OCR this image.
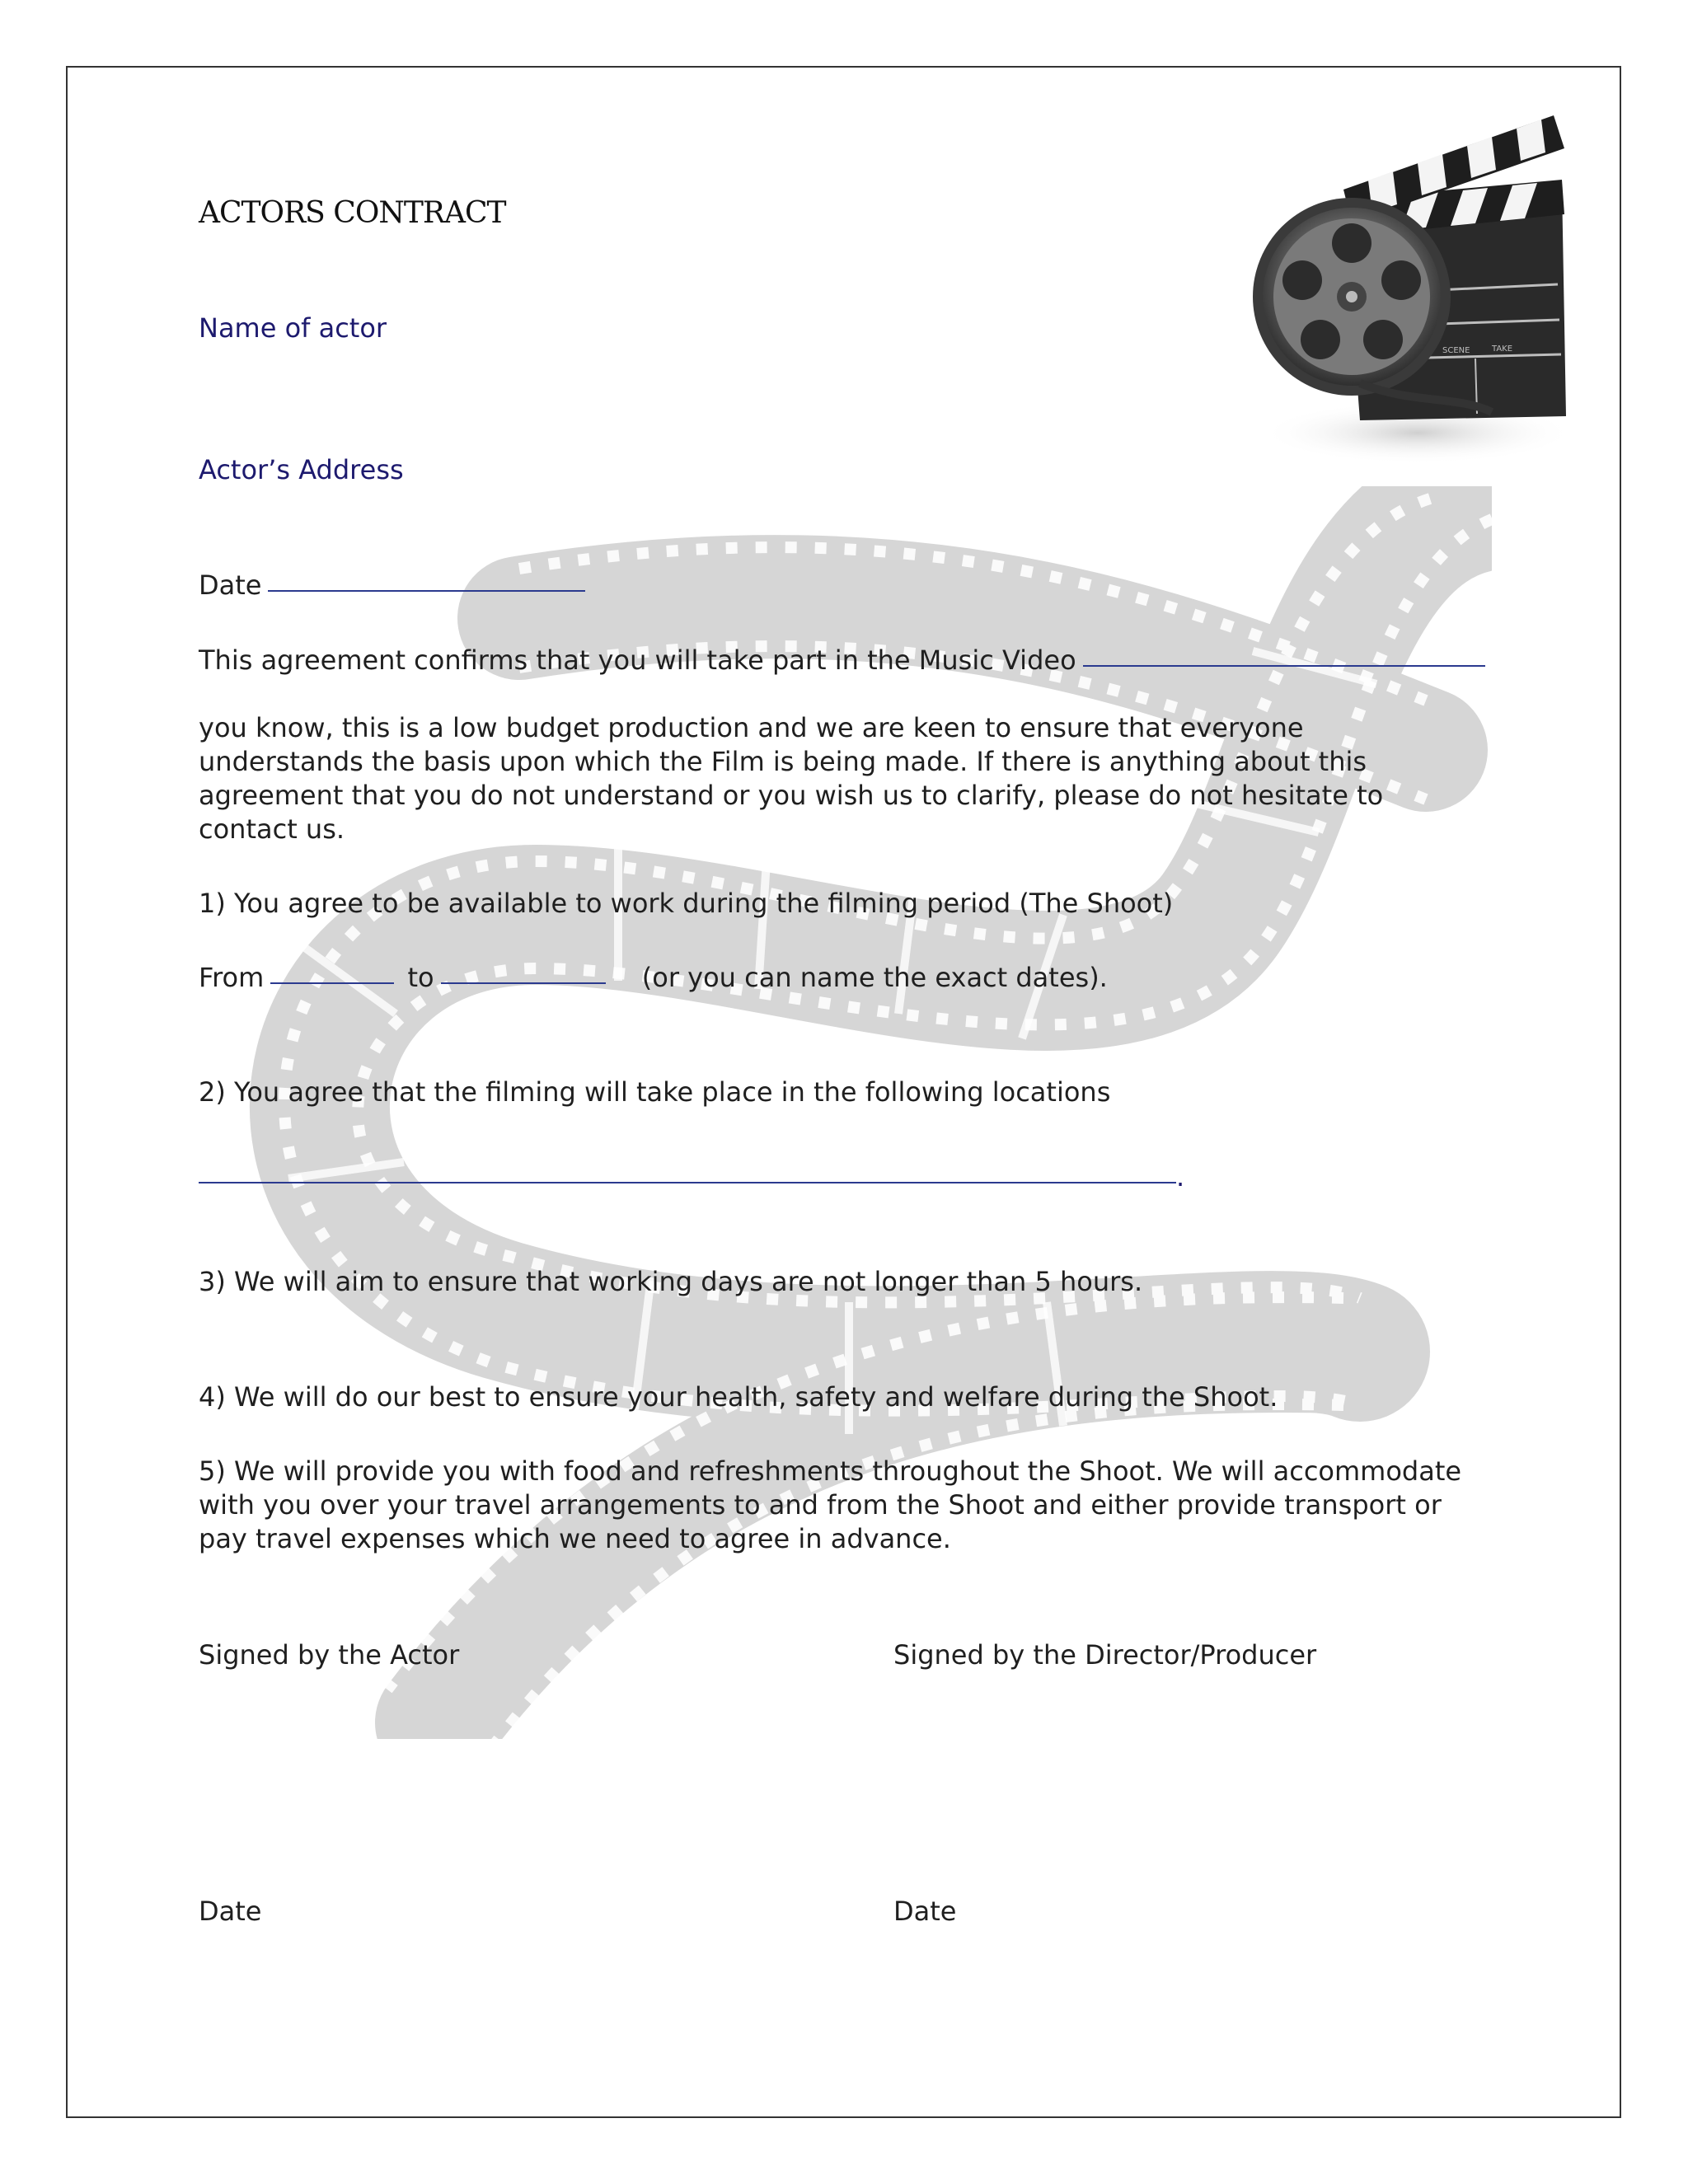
SCENE	TAKE
ACTORS CONTRACT
Name of actor
Actor’s Address
Date
This agreement confirms that you will take part in the Music Video

you know, this is a low budget production and we are keen to ensure that everyone

understands the basis upon which the Film is being made. If there is anything about this

agreement that you do not understand or you wish us to clarify, please do not hesitate to

contact us.

1) You agree to be available to work during the filming period (The Shoot)
From	to	(or you can name the exact dates).
2) You agree that the filming will take place in the following locations
.
3) We will aim to ensure that working days are not longer than 5 hours.
4) We will do our best to ensure your health, safety and welfare during the Shoot.

5) We will provide you with food and refreshments throughout the Shoot. We will accommodate

with you over your travel arrangements to and from the Shoot and either provide transport or

pay travel expenses which we need to agree in advance.

Signed by the Actor	Signed by the Director/Producer
Date	Date
